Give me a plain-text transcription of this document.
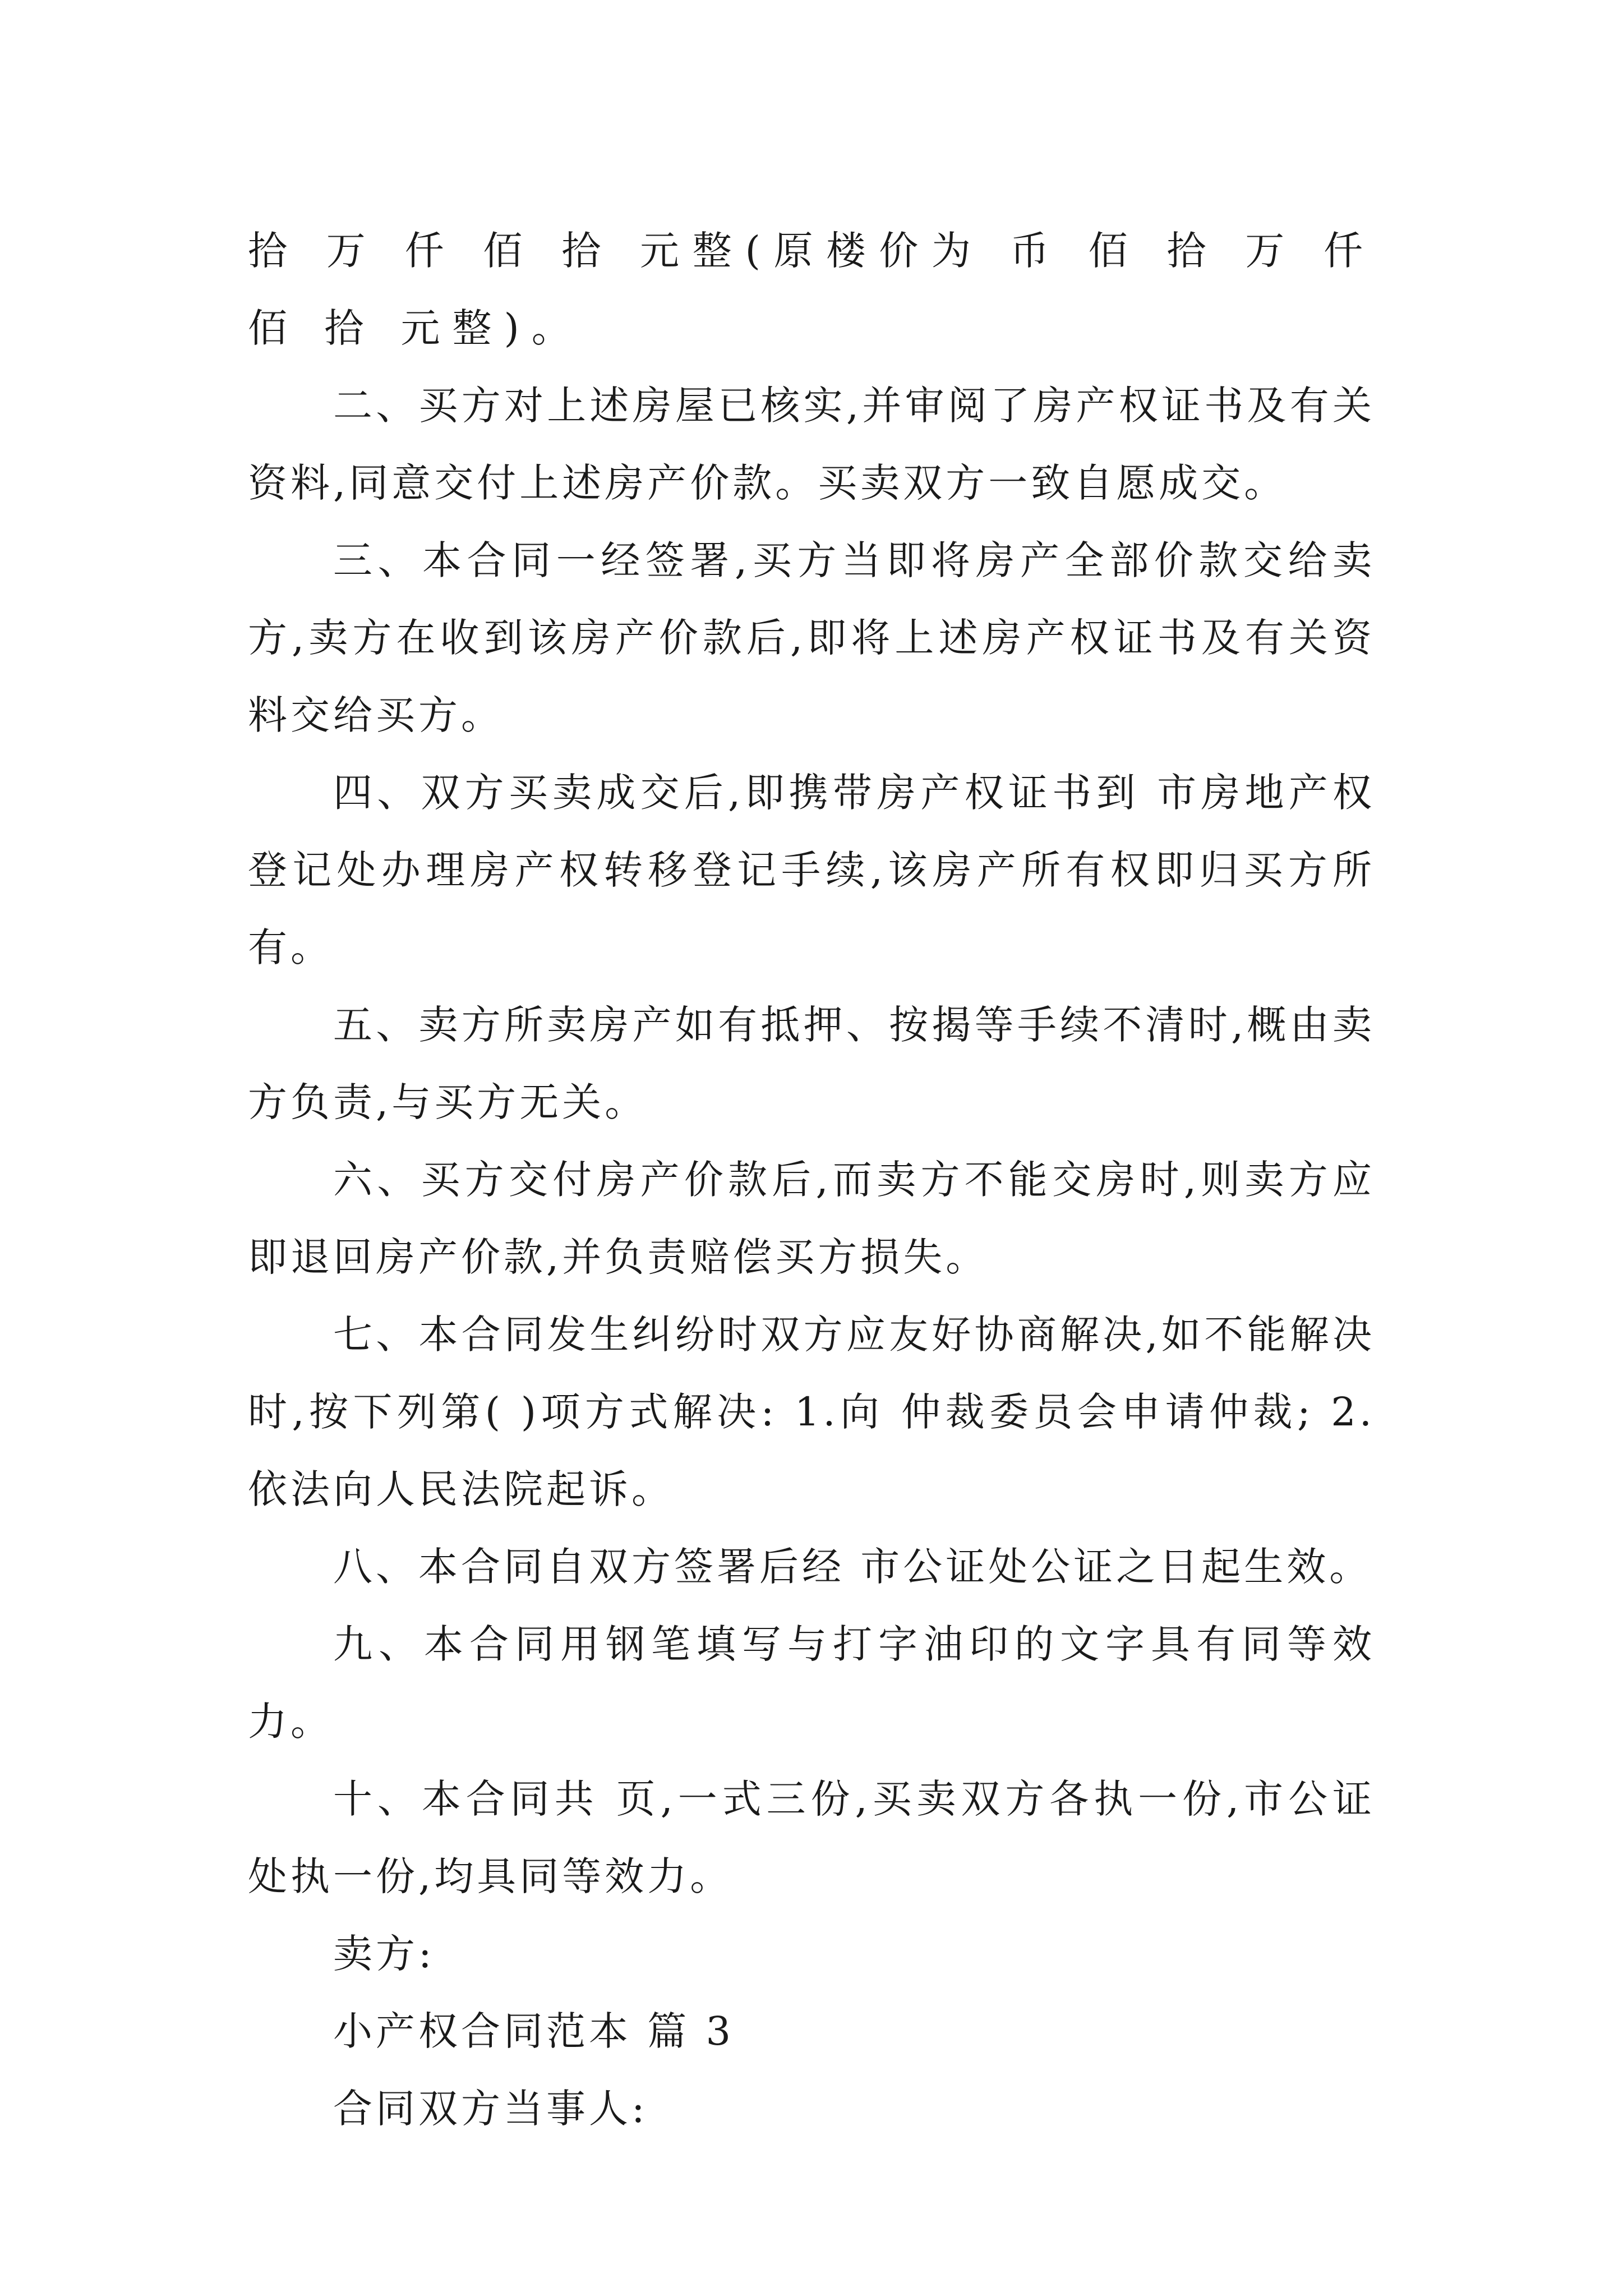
拾 万 仟 佰 拾 元整(原楼价为 币 佰 拾 万 仟 佰 拾 元整)。

二、买方对上述房屋已核实,并审阅了房产权证书及有关资料,同意交付上述房产价款。买卖双方一致自愿成交。

三、本合同一经签署,买方当即将房产全部价款交给卖方,卖方在收到该房产价款后,即将上述房产权证书及有关资料交给买方。

四、双方买卖成交后,即携带房产权证书到 市房地产权登记处办理房产权转移登记手续,该房产所有权即归买方所有。

五、卖方所卖房产如有抵押、按揭等手续不清时,概由卖方负责,与买方无关。

六、买方交付房产价款后,而卖方不能交房时,则卖方应即退回房产价款,并负责赔偿买方损失。

七、本合同发生纠纷时双方应友好协商解决,如不能解决时,按下列第( )项方式解决: 1.向 仲裁委员会申请仲裁; 2.依法向人民法院起诉。

八、本合同自双方签署后经 市公证处公证之日起生效。

九、本合同用钢笔填写与打字油印的文字具有同等效力。

十、本合同共 页,一式三份,买卖双方各执一份,市公证处执一份,均具同等效力。

卖方:

小产权合同范本 篇 3

合同双方当事人:
